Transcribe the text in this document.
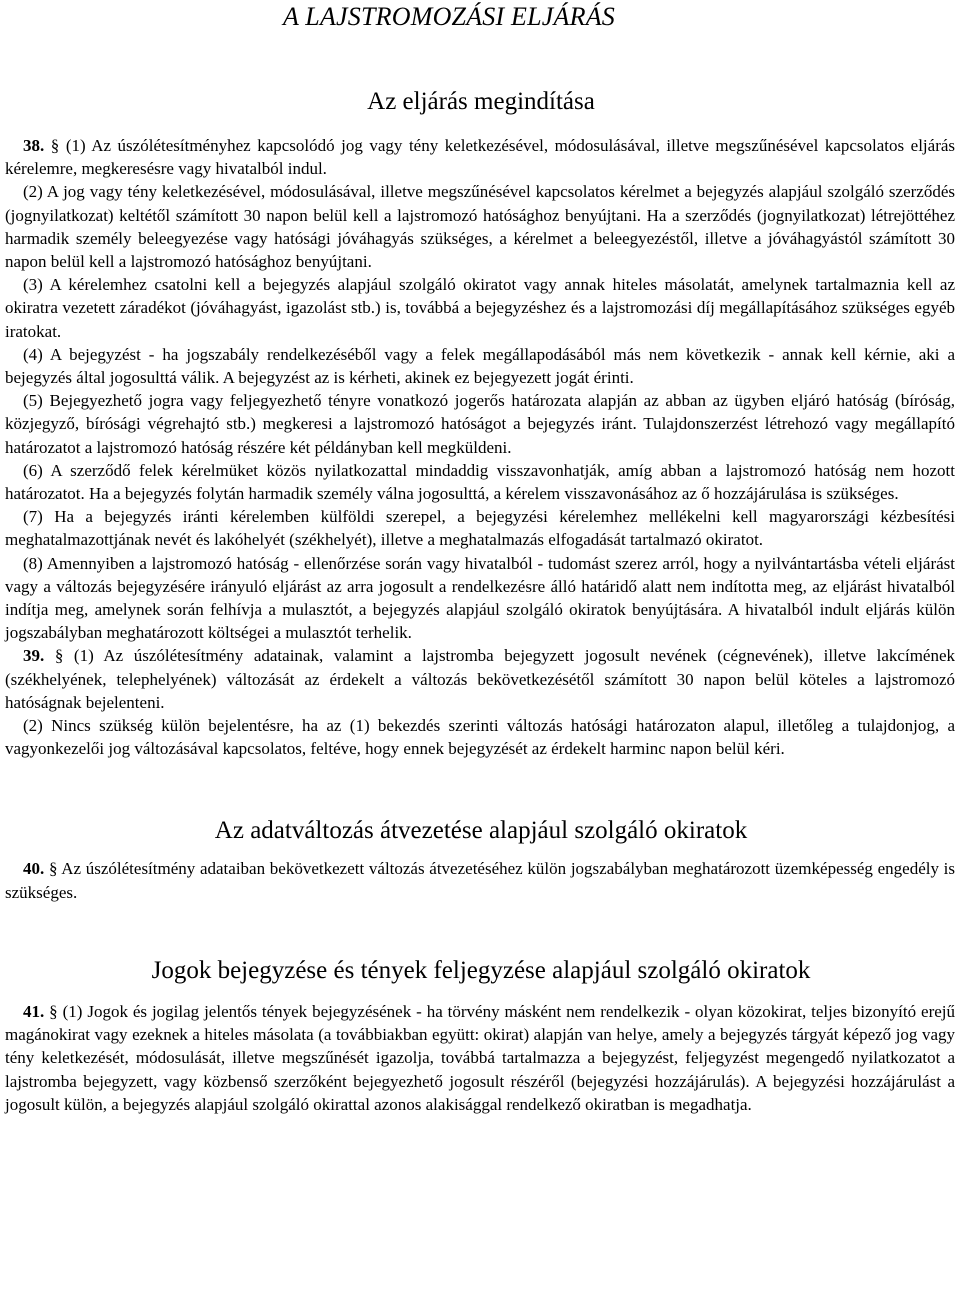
A LAJSTROMOZÁSI ELJÁRÁS
Az eljárás megindítása

38. § (1) Az úszólétesítményhez kapcsolódó jog vagy tény keletkezésével, módosulásával, illetve megszűnésével kapcsolatos eljárás kérelemre, megkeresésre vagy hivatalból indul.

(2) A jog vagy tény keletkezésével, módosulásával, illetve megszűnésével kapcsolatos kérelmet a bejegyzés alapjául szolgáló szerződés (jognyilatkozat) keltétől számított 30 napon belül kell a lajstromozó hatósághoz benyújtani. Ha a szerződés (jognyilatkozat) létrejöttéhez harmadik személy beleegyezése vagy hatósági jóváhagyás szükséges, a kérelmet a beleegyezéstől, illetve a jóváhagyástól számított 30 napon belül kell a lajstromozó hatósághoz benyújtani.

(3) A kérelemhez csatolni kell a bejegyzés alapjául szolgáló okiratot vagy annak hiteles másolatát, amelynek tartalmaznia kell az okiratra vezetett záradékot (jóváhagyást, igazolást stb.) is, továbbá a bejegyzéshez és a lajstromozási díj megállapításához szükséges egyéb iratokat.

(4) A bejegyzést - ha jogszabály rendelkezéséből vagy a felek megállapodásából más nem következik - annak kell kérnie, aki a bejegyzés által jogosulttá válik. A bejegyzést az is kérheti, akinek ez bejegyezett jogát érinti.

(5) Bejegyezhető jogra vagy feljegyezhető tényre vonatkozó jogerős határozata alapján az abban az ügyben eljáró hatóság (bíróság, közjegyző, bírósági végrehajtó stb.) megkeresi a lajstromozó hatóságot a bejegyzés iránt. Tulajdonszerzést létrehozó vagy megállapító határozatot a lajstromozó hatóság részére két példányban kell megküldeni.

(6) A szerződő felek kérelmüket közös nyilatkozattal mindaddig visszavonhatják, amíg abban a lajstromozó hatóság nem hozott határozatot. Ha a bejegyzés folytán harmadik személy válna jogosulttá, a kérelem visszavonásához az ő hozzájárulása is szükséges.

(7) Ha a bejegyzés iránti kérelemben külföldi szerepel, a bejegyzési kérelemhez mellékelni kell magyarországi kézbesítési meghatalmazottjának nevét és lakóhelyét (székhelyét), illetve a meghatalmazás elfogadását tartalmazó okiratot.

(8) Amennyiben a lajstromozó hatóság - ellenőrzése során vagy hivatalból - tudomást szerez arról, hogy a nyilvántartásba vételi eljárást vagy a változás bejegyzésére irányuló eljárást az arra jogosult a rendelkezésre álló határidő alatt nem indította meg, az eljárást hivatalból indítja meg, amelynek során felhívja a mulasztót, a bejegyzés alapjául szolgáló okiratok benyújtására. A hivatalból indult eljárás külön jogszabályban meghatározott költségei a mulasztót terhelik.

39. § (1) Az úszólétesítmény adatainak, valamint a lajstromba bejegyzett jogosult nevének (cégnevének), illetve lakcímének (székhelyének, telephelyének) változását az érdekelt a változás bekövetkezésétől számított 30 napon belül köteles a lajstromozó hatóságnak bejelenteni.

(2) Nincs szükség külön bejelentésre, ha az (1) bekezdés szerinti változás hatósági határozaton alapul, illetőleg a tulajdonjog, a vagyonkezelői jog változásával kapcsolatos, feltéve, hogy ennek bejegyzését az érdekelt harminc napon belül kéri.

Az adatváltozás átvezetése alapjául szolgáló okiratok

40. § Az úszólétesítmény adataiban bekövetkezett változás átvezetéséhez külön jogszabályban meghatározott üzemképesség engedély is szükséges.

Jogok bejegyzése és tények feljegyzése alapjául szolgáló okiratok

41. § (1) Jogok és jogilag jelentős tények bejegyzésének - ha törvény másként nem rendelkezik - olyan közokirat, teljes bizonyító erejű magánokirat vagy ezeknek a hiteles másolata (a továbbiakban együtt: okirat) alapján van helye, amely a bejegyzés tárgyát képező jog vagy tény keletkezését, módosulását, illetve megszűnését igazolja, továbbá tartalmazza a bejegyzést, feljegyzést megengedő nyilatkozatot a lajstromba bejegyzett, vagy közbenső szerzőként bejegyezhető jogosult részéről (bejegyzési hozzájárulás). A bejegyzési hozzájárulást a jogosult külön, a bejegyzés alapjául szolgáló okirattal azonos alakisággal rendelkező okiratban is megadhatja.
